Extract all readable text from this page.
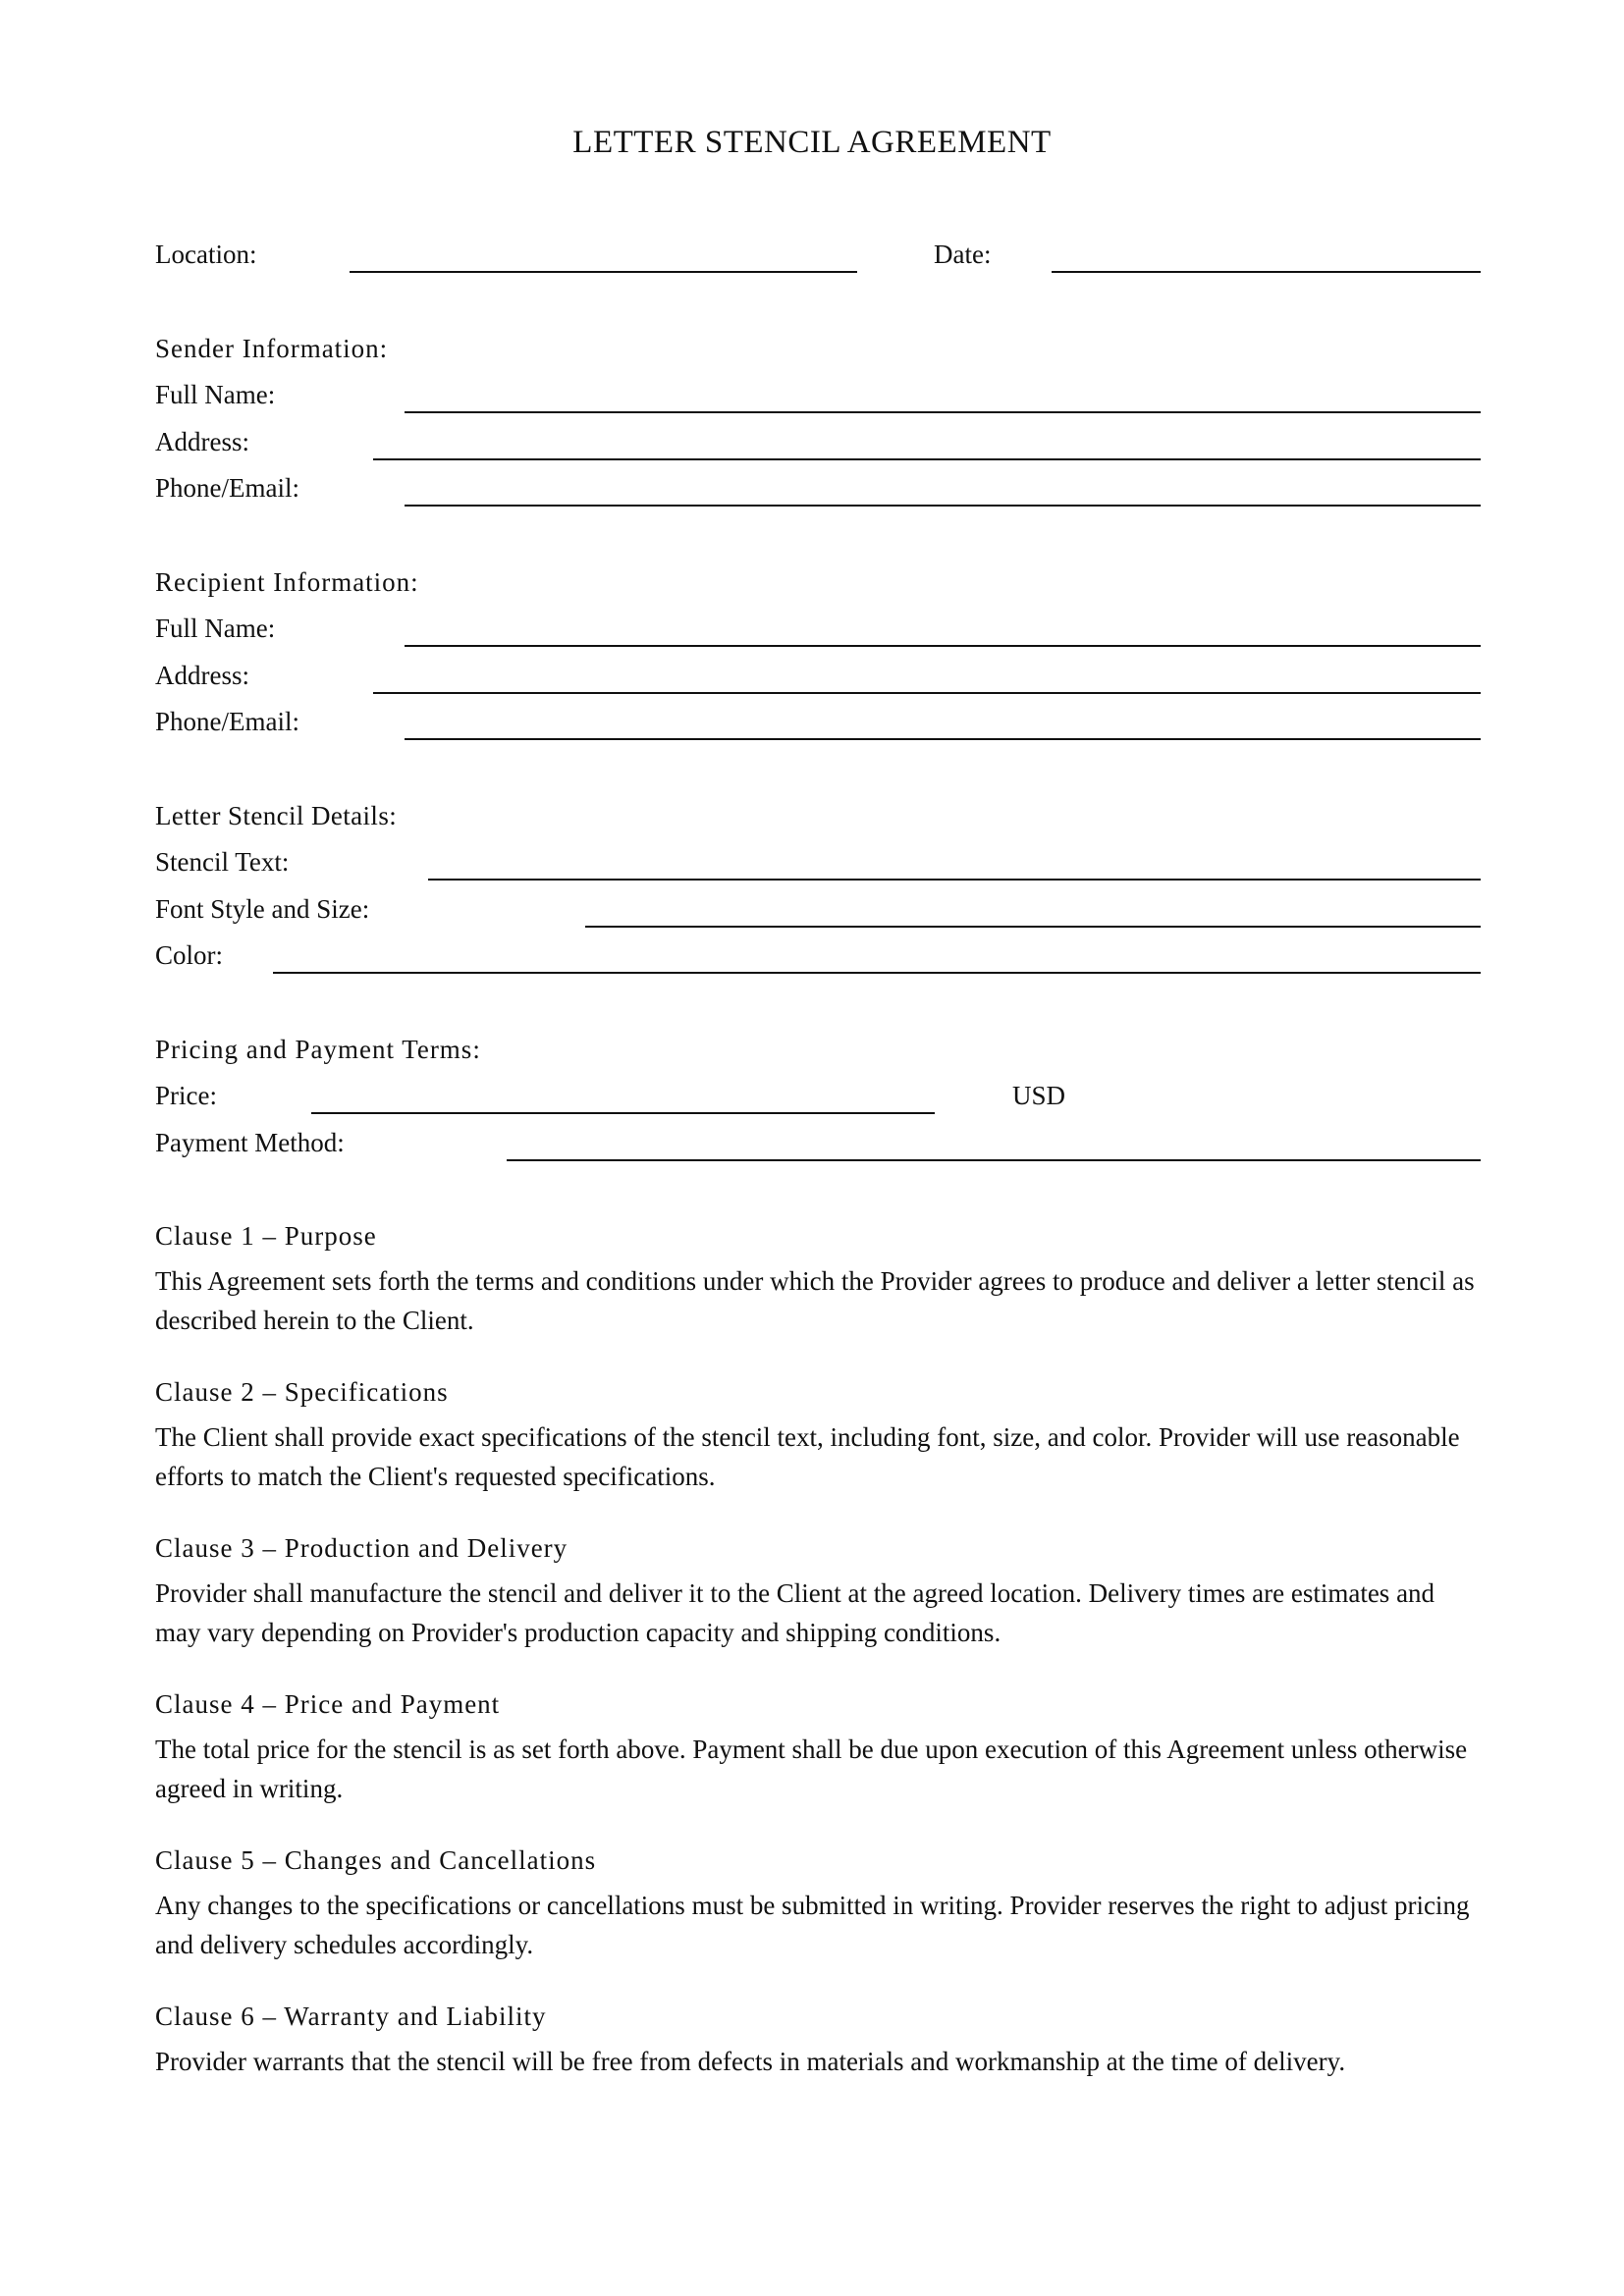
LETTER STENCIL AGREEMENT
Location:	Date:
Sender Information:
Full Name:
Address:
Phone/Email:
Recipient Information:
Full Name:
Address:
Phone/Email:
Letter Stencil Details:
Stencil Text:
Font Style and Size:
Color:
Pricing and Payment Terms:
Price:	USD
Payment Method:
Clause 1 – Purpose
This Agreement sets forth the terms and conditions under which the Provider agrees to produce and deliver a letter stencil as described herein to the Client.
Clause 2 – Specifications
The Client shall provide exact specifications of the stencil text, including font, size, and color. Provider will use reasonable efforts to match the Client's requested specifications.
Clause 3 – Production and Delivery
Provider shall manufacture the stencil and deliver it to the Client at the agreed location. Delivery times are estimates and may vary depending on Provider's production capacity and shipping conditions.
Clause 4 – Price and Payment
The total price for the stencil is as set forth above. Payment shall be due upon execution of this Agreement unless otherwise agreed in writing.
Clause 5 – Changes and Cancellations
Any changes to the specifications or cancellations must be submitted in writing. Provider reserves the right to adjust pricing and delivery schedules accordingly.
Clause 6 – Warranty and Liability
Provider warrants that the stencil will be free from defects in materials and workmanship at the time of delivery.
